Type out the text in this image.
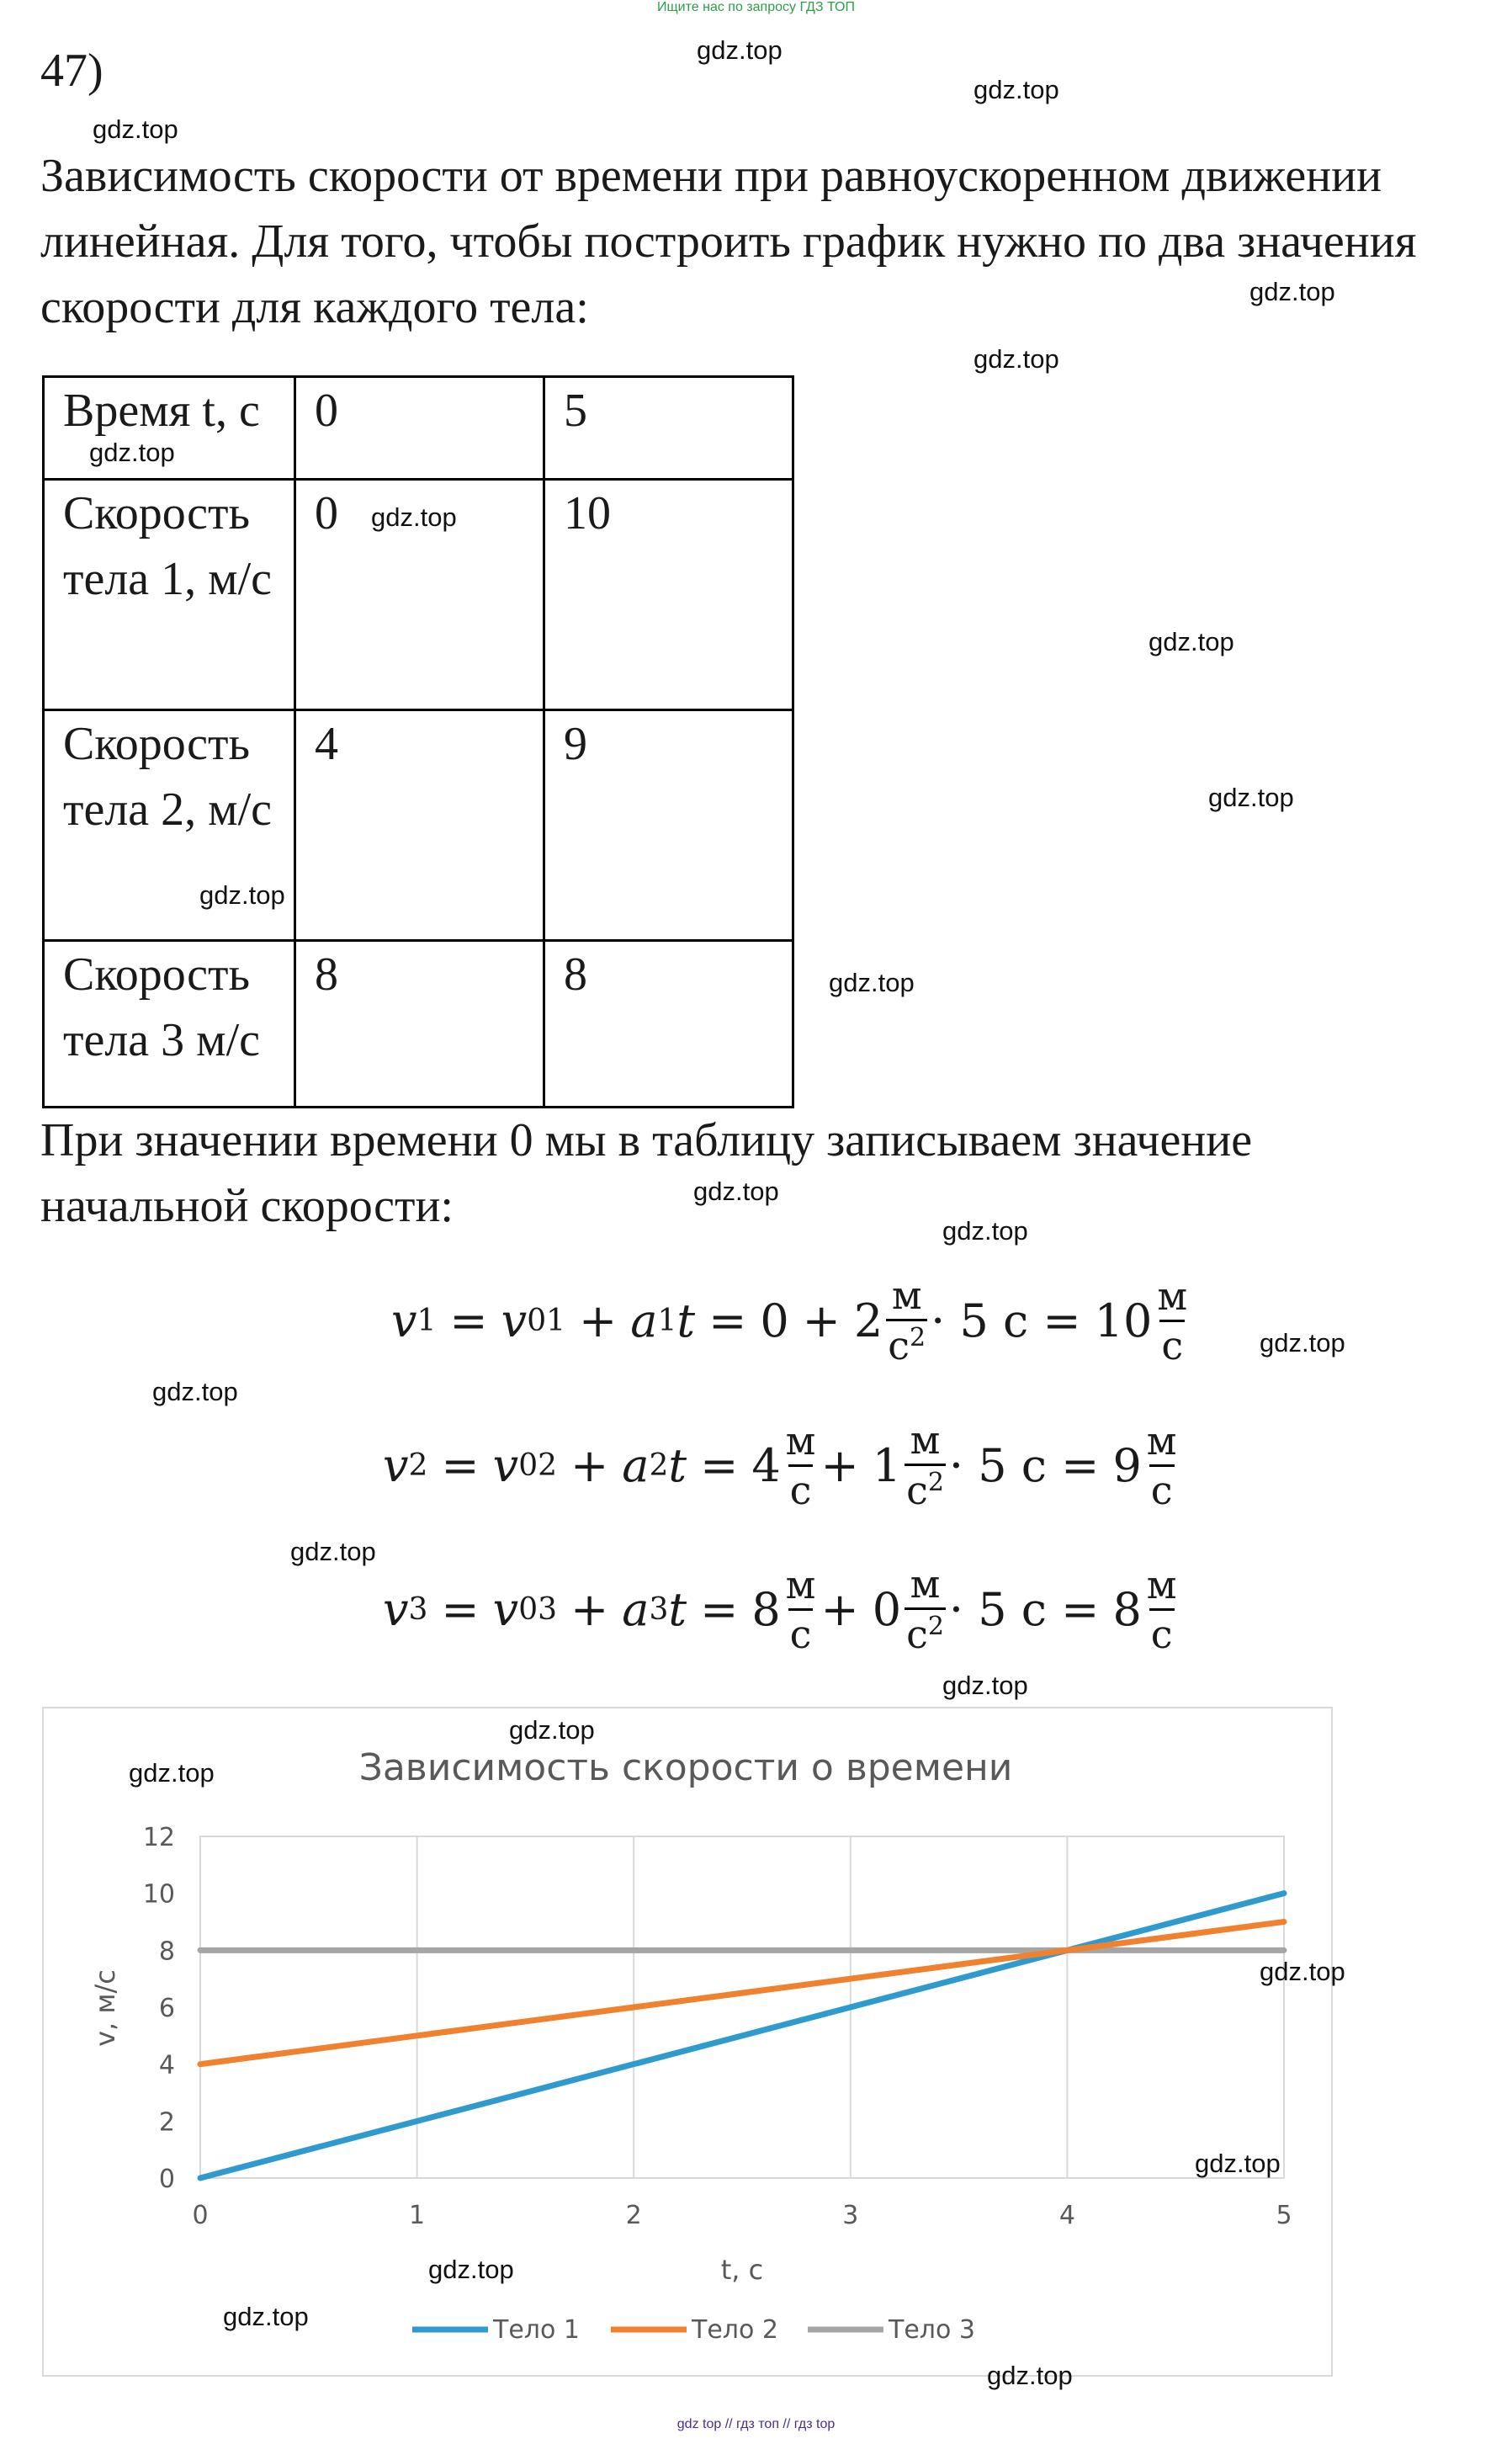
Ищите нас по запросу ГДЗ ТОП
47)
Зависимость скорости от времени при равноускоренном движении линейная. Для того, чтобы построить график нужно по два значения скорости для каждого тела:
Время t, с	0	5
Скорость тела 1, м/с	0	10
Скорость тела 2, м/с	4	9
Скорость тела 3 м/с	8	8
При значении времени 0 мы в таблицу записываем значение начальной скорости:
v 1 = v 01 + a 1 $t = 0 + 2 \frac{м}{с^2} \cdot 5$ $с = 10 \frac{м}{с}$
v 2 = v 02 + a 2 $t = 4 \frac{м}{с} + 1 \frac{м}{с^2} \cdot 5$ $с = 9 \frac{м}{с}$
v 3 = v 03 + a 3 $t = 8 \frac{м}{с} + 0 \frac{м}{с^2} \cdot 5$ $с = 8 \frac{м}{с}$
Зависимость скорости о времени
0
2
4
6
8
10
12
0	1	2	3	4	5
v, м/с
t, с
Тело 1	Тело 2	Тело 3
gdz.top
gdz.top
gdz.top
gdz.top
gdz.top
gdz.top
gdz.top
gdz.top
gdz.top
gdz.top
gdz.top
gdz.top
gdz.top
gdz.top
gdz.top
gdz.top
gdz.top
gdz.top
gdz.top
gdz.top
gdz.top
gdz.top
gdz.top
gdz.top
gdz top // гдз топ // гдз top
